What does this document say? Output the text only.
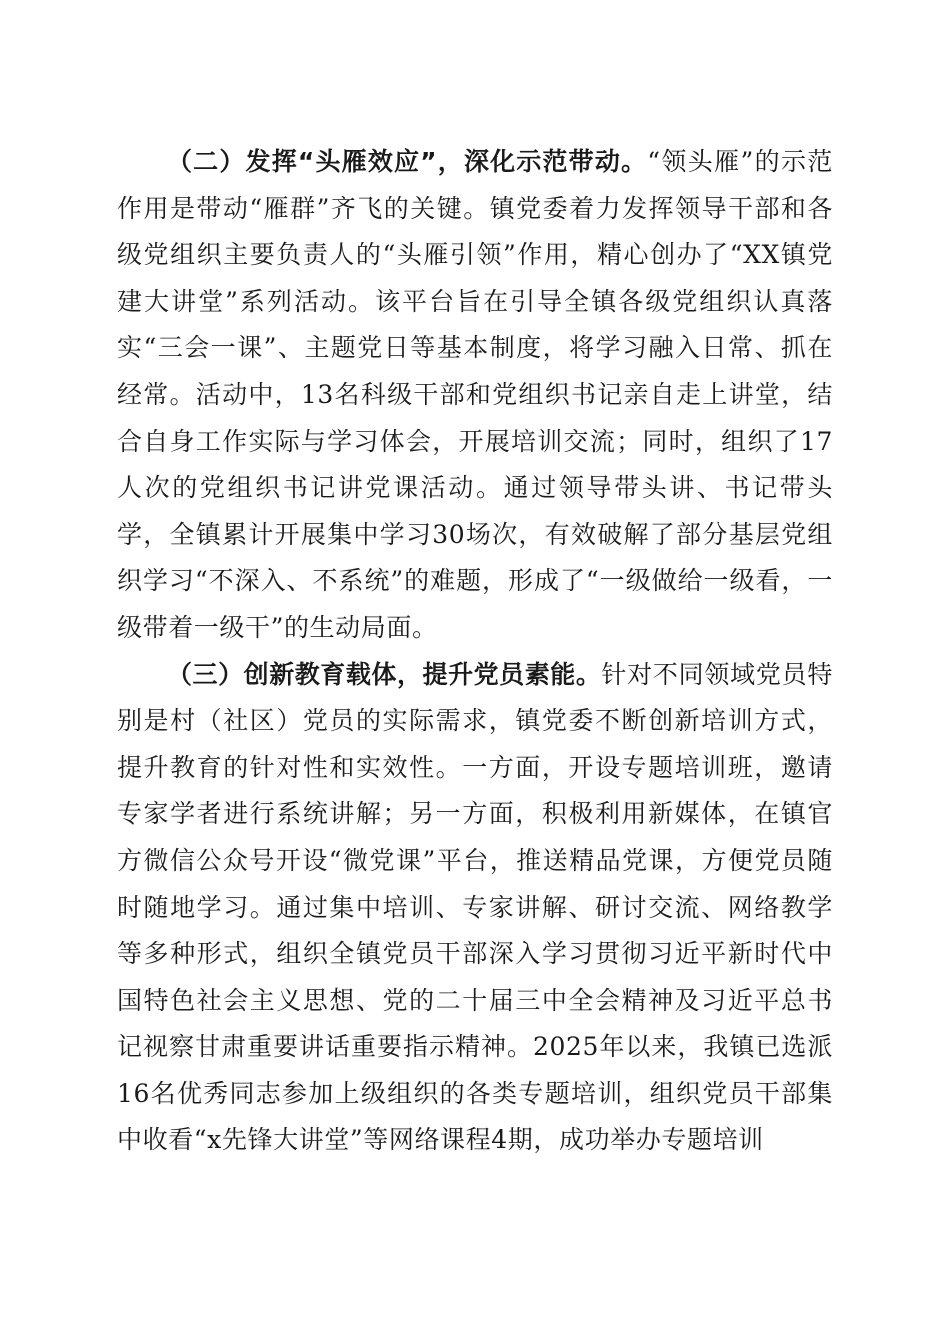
（二）发挥“头雁效应”，深化示范带动。“领头雁”的示范作用是带动“雁群”齐飞的关键。镇党委着力发挥领导干部和各级党组织主要负责人的“头雁引领”作用，精心创办了“XX镇党建大讲堂”系列活动。该平台旨在引导全镇各级党组织认真落实“三会一课”、主题党日等基本制度，将学习融入日常、抓在经常。活动中，13名科级干部和党组织书记亲自走上讲堂，结合自身工作实际与学习体会，开展培训交流；同时，组织了17人次的党组织书记讲党课活动。通过领导带头讲、书记带头学，全镇累计开展集中学习30场次，有效破解了部分基层党组织学习“不深入、不系统”的难题，形成了“一级做给一级看，一级带着一级干”的生动局面。

（三）创新教育载体，提升党员素能。针对不同领域党员特别是村（社区）党员的实际需求，镇党委不断创新培训方式，提升教育的针对性和实效性。一方面，开设专题培训班，邀请专家学者进行系统讲解；另一方面，积极利用新媒体，在镇官方微信公众号开设“微党课”平台，推送精品党课，方便党员随时随地学习。通过集中培训、专家讲解、研讨交流、网络教学等多种形式，组织全镇党员干部深入学习贯彻习近平新时代中国特色社会主义思想、党的二十届三中全会精神及习近平总书记视察甘肃重要讲话重要指示精神。2025年以来，我镇已选派16名优秀同志参加上级组织的各类专题培训，组织党员干部集中收看“x先锋大讲堂”等网络课程4期，成功举办专题培训
